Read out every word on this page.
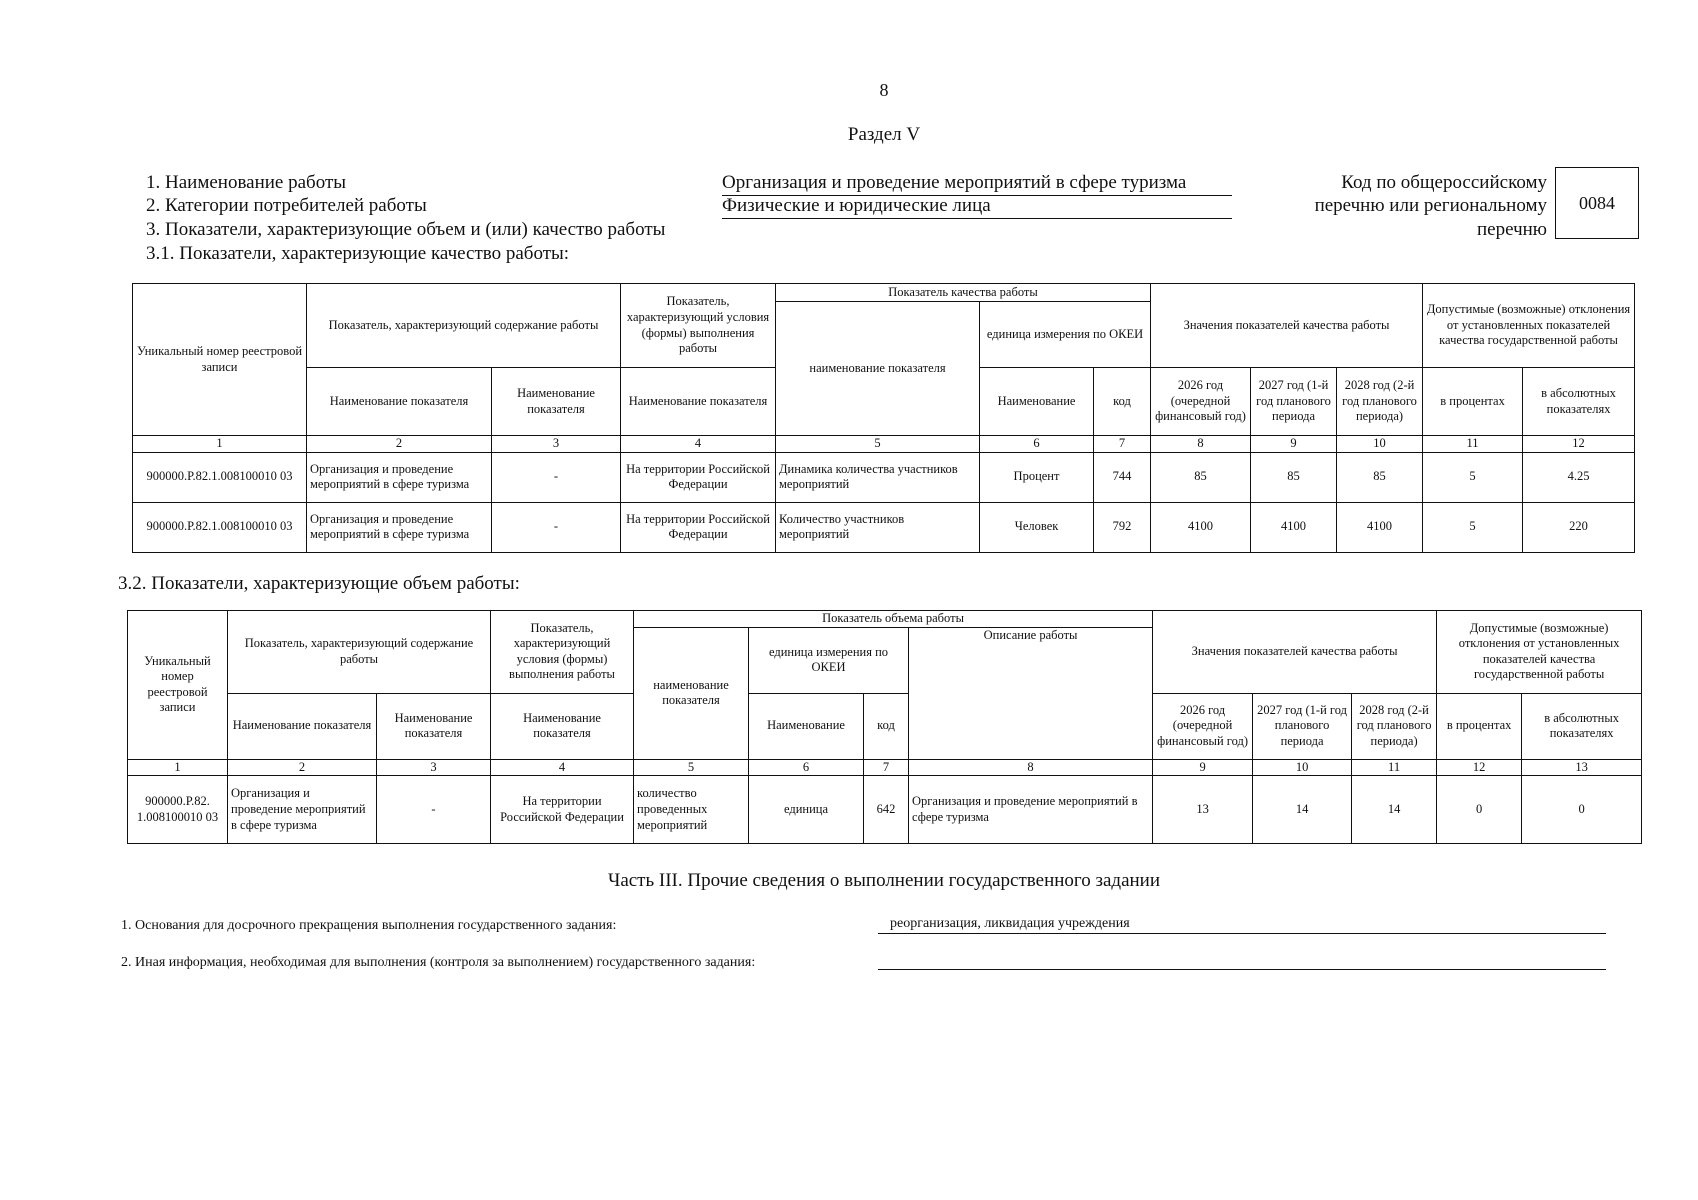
8
Раздел V
1. Наименование работы	Организация и проведение мероприятий в сфере туризма
2. Категории потребителей работы	Физические и юридические лица
3. Показатели, характеризующие объем и (или) качество работы
3.1. Показатели, характеризующие качество работы:
Код по общероссийскому
перечню или региональному
перечню
0084
Уникальный номер реестровой записи	Показатель, характеризующий содержание работы		Показатель, характеризующий условия (формы) выполнения работы	Показатель качества работы			Значения показателей качества работы			Допустимые (возможные) отклонения от установленных показателей качества государственной работы	
				наименование показателя	единица измерения по ОКЕИ						
	Наименование показателя	Наименование показателя	Наименование показателя		Наименование	код	2026 год (очередной финансовый год)	2027 год (1-й год планового периода	2028 год (2-й год планового периода)	в процентах	в абсолютных показателях
1	2	3	4	5	6	7	8	9	10	11	12
900000.Р.82.1.008100010 03	Организация и проведение мероприятий в сфере туризма	-	На территории Российской Федерации	Динамика количества участников мероприятий	Процент	744	85	85	85	5	4.25
900000.Р.82.1.008100010 03	Организация и проведение мероприятий в сфере туризма	-	На территории Российской Федерации	Количество участников мероприятий	Человек	792	4100	4100	4100	5	220
3.2. Показатели, характеризующие объем работы:
Уникальный номер реестровой записи	Показатель, характеризующий содержание работы		Показатель, характеризующий условия (формы) выполнения работы	Показатель объема работы				Значения показателей качества работы			Допустимые (возможные) отклонения от установленных показателей качества государственной работы	
				наименование показателя	единица измерения по ОКЕИ		Описание работы					
	Наименование показателя	Наименование показателя	Наименование показателя		Наименование	код		2026 год (очередной финансовый год)	2027 год (1-й год планового периода	2028 год (2-й год планового периода)	в процентах	в абсолютных показателях
1	2	3	4	5	6	7	8	9	10	11	12	13
900000.Р.82. 1.008100010 03	Организация и проведение мероприятий в сфере туризма	-	На территории Российской Федерации	количество проведенных мероприятий	единица	642	Организация и проведение мероприятий в сфере туризма	13	14	14	0	0
Часть III. Прочие сведения о выполнении государственного задании
1. Основания для досрочного прекращения выполнения государственного задания:	реорганизация, ликвидация учреждения
2. Иная информация, необходимая для выполнения (контроля за выполнением) государственного задания:
